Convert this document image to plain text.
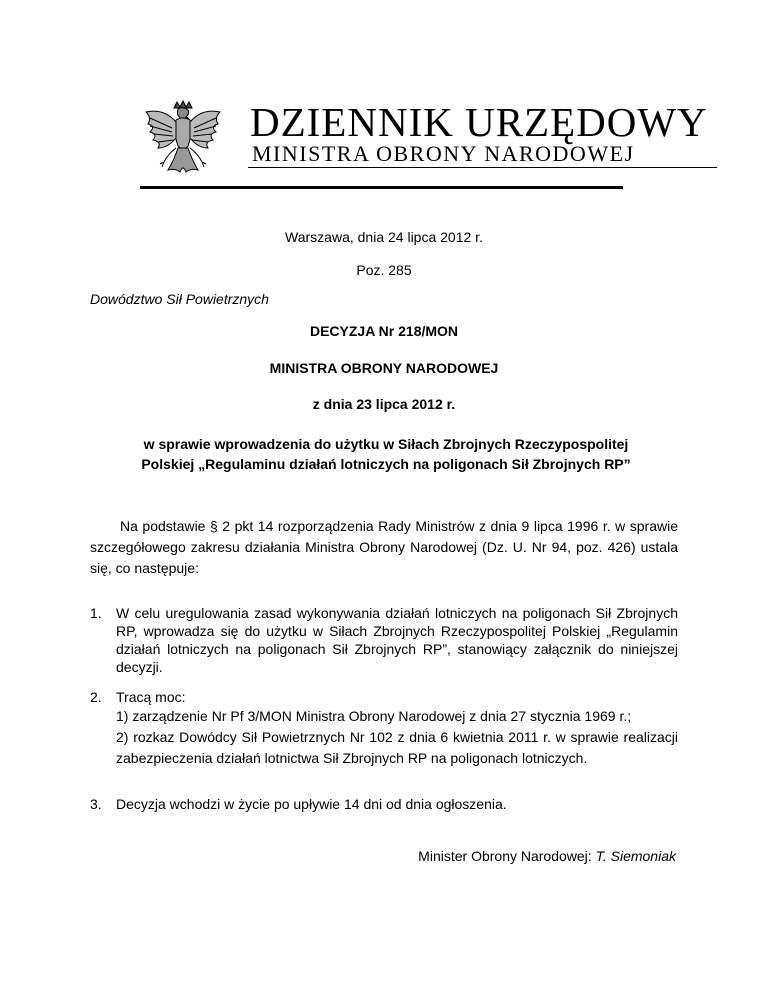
DZIENNIK URZĘDOWY
MINISTRA OBRONY NARODOWEJ
Warszawa, dnia 24 lipca 2012 r.
Poz. 285
Dowództwo Sił Powietrznych
DECYZJA Nr 218/MON
MINISTRA OBRONY NARODOWEJ
z dnia 23 lipca 2012 r.
w sprawie wprowadzenia do użytku w Siłach Zbrojnych Rzeczypospolitej
Polskiej „Regulaminu działań lotniczych na poligonach Sił Zbrojnych RP”
Na podstawie § 2 pkt 14 rozporządzenia Rady Ministrów z dnia 9 lipca 1996 r. w sprawie szczegółowego zakresu działania Ministra Obrony Narodowej (Dz. U. Nr 94, poz. 426) ustala się, co następuje:
1. W celu uregulowania zasad wykonywania działań lotniczych na poligonach Sił Zbrojnych RP, wprowadza się do użytku w Siłach Zbrojnych Rzeczypospolitej Polskiej „Regulamin działań lotniczych na poligonach Sił Zbrojnych RP”, stanowiący załącznik do niniejszej decyzji.
2. Tracą moc:
1) zarządzenie Nr Pf 3/MON Ministra Obrony Narodowej z dnia 27 stycznia 1969 r.;
2) rozkaz Dowódcy Sił Powietrznych Nr 102 z dnia 6 kwietnia 2011 r. w sprawie realizacji zabezpieczenia działań lotnictwa Sił Zbrojnych RP na poligonach lotniczych.
3. Decyzja wchodzi w życie po upływie 14 dni od dnia ogłoszenia.
Minister Obrony Narodowej: T. Siemoniak
